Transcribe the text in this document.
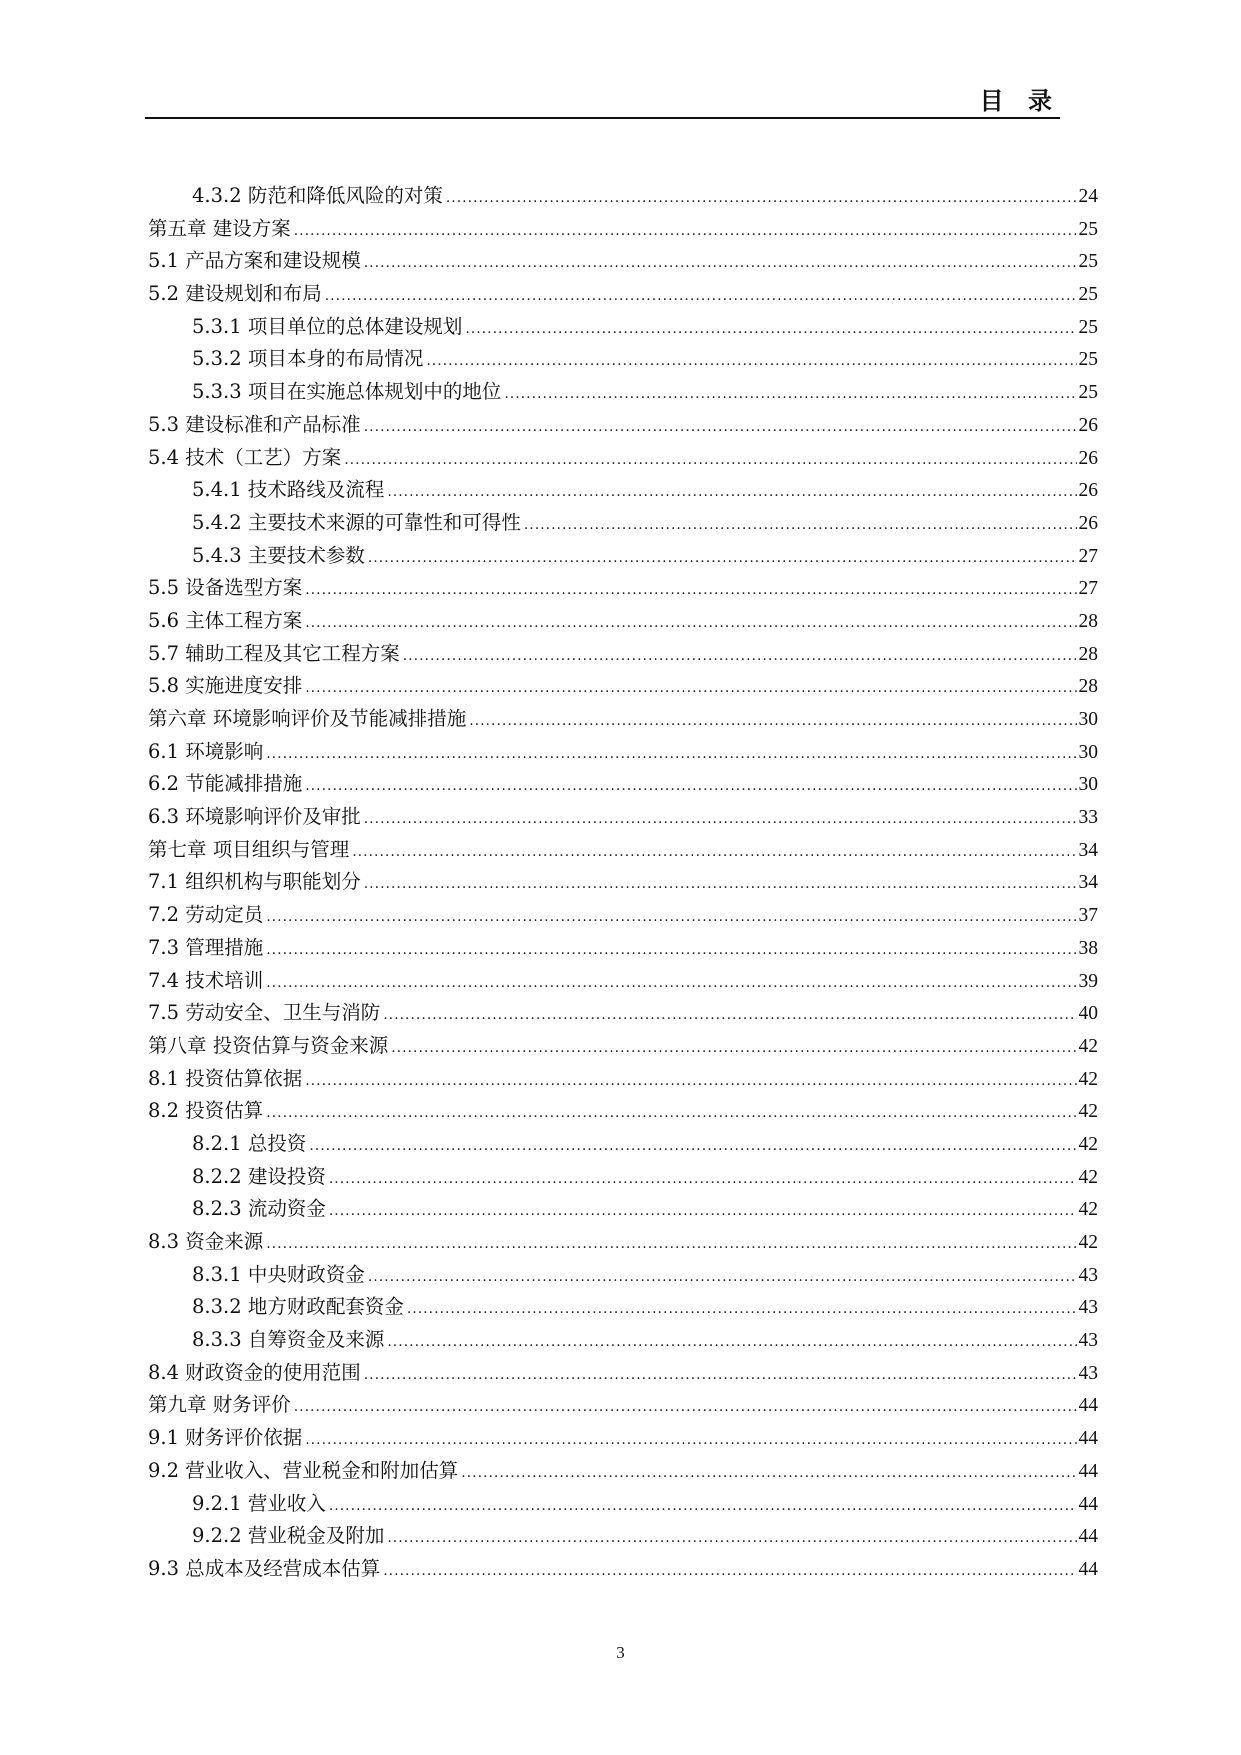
目 录
4.3.2 防范和降低风险的对策 .....	24
第五章 建设方案 .....	25
5.1 产品方案和建设规模 .....	25
5.2 建设规划和布局 .....	25
5.3.1 项目单位的总体建设规划 .....	25
5.3.2 项目本身的布局情况 .....	25
5.3.3 项目在实施总体规划中的地位 .....	25
5.3 建设标准和产品标准 .....	26
5.4 技术（工艺）方案 .....	26
5.4.1 技术路线及流程 .....	26
5.4.2 主要技术来源的可靠性和可得性 .....	26
5.4.3 主要技术参数 .....	27
5.5 设备选型方案 .....	27
5.6 主体工程方案 .....	28
5.7 辅助工程及其它工程方案 .....	28
5.8 实施进度安排 .....	28
第六章 环境影响评价及节能减排措施 .....	30
6.1 环境影响 .....	30
6.2 节能减排措施 .....	30
6.3 环境影响评价及审批 .....	33
第七章 项目组织与管理 .....	34
7.1 组织机构与职能划分 .....	34
7.2 劳动定员 .....	37
7.3 管理措施 .....	38
7.4 技术培训 .....	39
7.5 劳动安全、卫生与消防 .....	40
第八章 投资估算与资金来源 .....	42
8.1 投资估算依据 .....	42
8.2 投资估算 .....	42
8.2.1 总投资 .....	42
8.2.2 建设投资 .....	42
8.2.3 流动资金 .....	42
8.3 资金来源 .....	42
8.3.1 中央财政资金 .....	43
8.3.2 地方财政配套资金 .....	43
8.3.3 自筹资金及来源 .....	43
8.4 财政资金的使用范围 .....	43
第九章 财务评价 .....	44
9.1 财务评价依据 .....	44
9.2 营业收入、营业税金和附加估算 .....	44
9.2.1 营业收入 .....	44
9.2.2 营业税金及附加 .....	44
9.3 总成本及经营成本估算 .....	44
3
